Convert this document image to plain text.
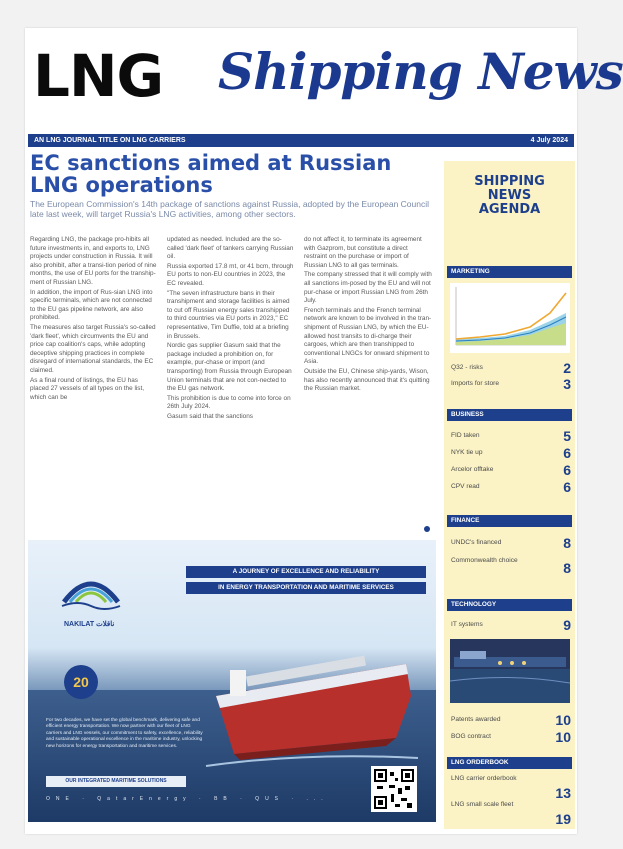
LNG Shipping News
AN LNG JOURNAL TITLE ON LNG CARRIERS	4 July 2024
EC sanctions aimed at Russian LNG operations
The European Commission's 14th package of sanctions against Russia, adopted by the European Council late last week, will target Russia's LNG activities, among other sectors.

Regarding LNG, the package pro-hibits all future investments in, and exports to, LNG projects under construction in Russia. It will also prohibit, after a transi-tion period of nine months, the use of EU ports for the tranship-ment of Russian LNG.

In addition, the import of Rus-sian LNG into specific terminals, which are not connected to the EU gas pipeline network, are also prohibited.

The measures also target Russia's so-called 'dark fleet', which circumvents the EU and price cap coalition's caps, while adopting deceptive shipping practices in complete disregard of international standards, the EC claimed.

As a final round of listings, the EU has placed 27 vessels of all types on the list, which can be

updated as needed. Included are the so-called 'dark fleet' of tankers carrying Russian oil.

Russia exported 17.8 mt, or 41 bcm, through EU ports to non-EU countries in 2023, the EC revealed.

"The seven infrastructure bans in their transhipment and storage facilities is aimed to cut off Russian energy sales transhipped to third countries via EU ports in 2023," EC representative, Tim Duffie, told at a briefing in Brussels.

Nordic gas supplier Gasum said that the package included a prohibition on, for example, pur-chase or import (and transporting) from Russia through European Union terminals that are not con-nected to the EU gas network.

This prohibition is due to come into force on 26th July 2024.

Gasum said that the sanctions

do not affect it, to terminate its agreement with Gazprom, but constitute a direct restraint on the purchase or import of Russian LNG to all gas terminals.

The company stressed that it will comply with all sanctions im-posed by the EU and will not pur-chase or import Russian LNG from 26th July.

French terminals and the French terminal network are known to be involved in the tran-shipment of Russian LNG, by which the EU-allowed host transits to di-charge their cargoes, which are then transhipped to conventional LNGCs for onward shipment to Asia.

Outside the EU, Chinese ship-yards, Wison, has also recently announced that it's quitting the Russian market.

NAKILAT ناقلات
A JOURNEY OF EXCELLENCE AND RELIABILITY
IN ENERGY TRANSPORTATION AND MARITIME SERVICES
20
For two decades, we have set the global benchmark, delivering safe and efficient energy transportation. We now partner with our fleet of LNG carriers and LNG vessels, our commitment to safety, excellence, reliability and sustainable operational excellence in the maritime industry, unlocking new horizons for energy transportation and maritime services.
OUR INTEGRATED MARITIME SOLUTIONS
ONE · QatarEnergy · BB · QUS · ...
SHIPPING
NEWS
AGENDA
MARKETING
Q32 - risks	2
Imports for store	3
BUSINESS
FID taken	5
NYK tie up	6
Arcelor offtake	6
CPV read	6
FINANCE
UNDC's financed	8
Commonwealth choice	8
TECHNOLOGY
IT systems	9
Patents awarded	10
BOG contract	10
LNG ORDERBOOK
LNG carrier orderbook
13
LNG small scale fleet
19
